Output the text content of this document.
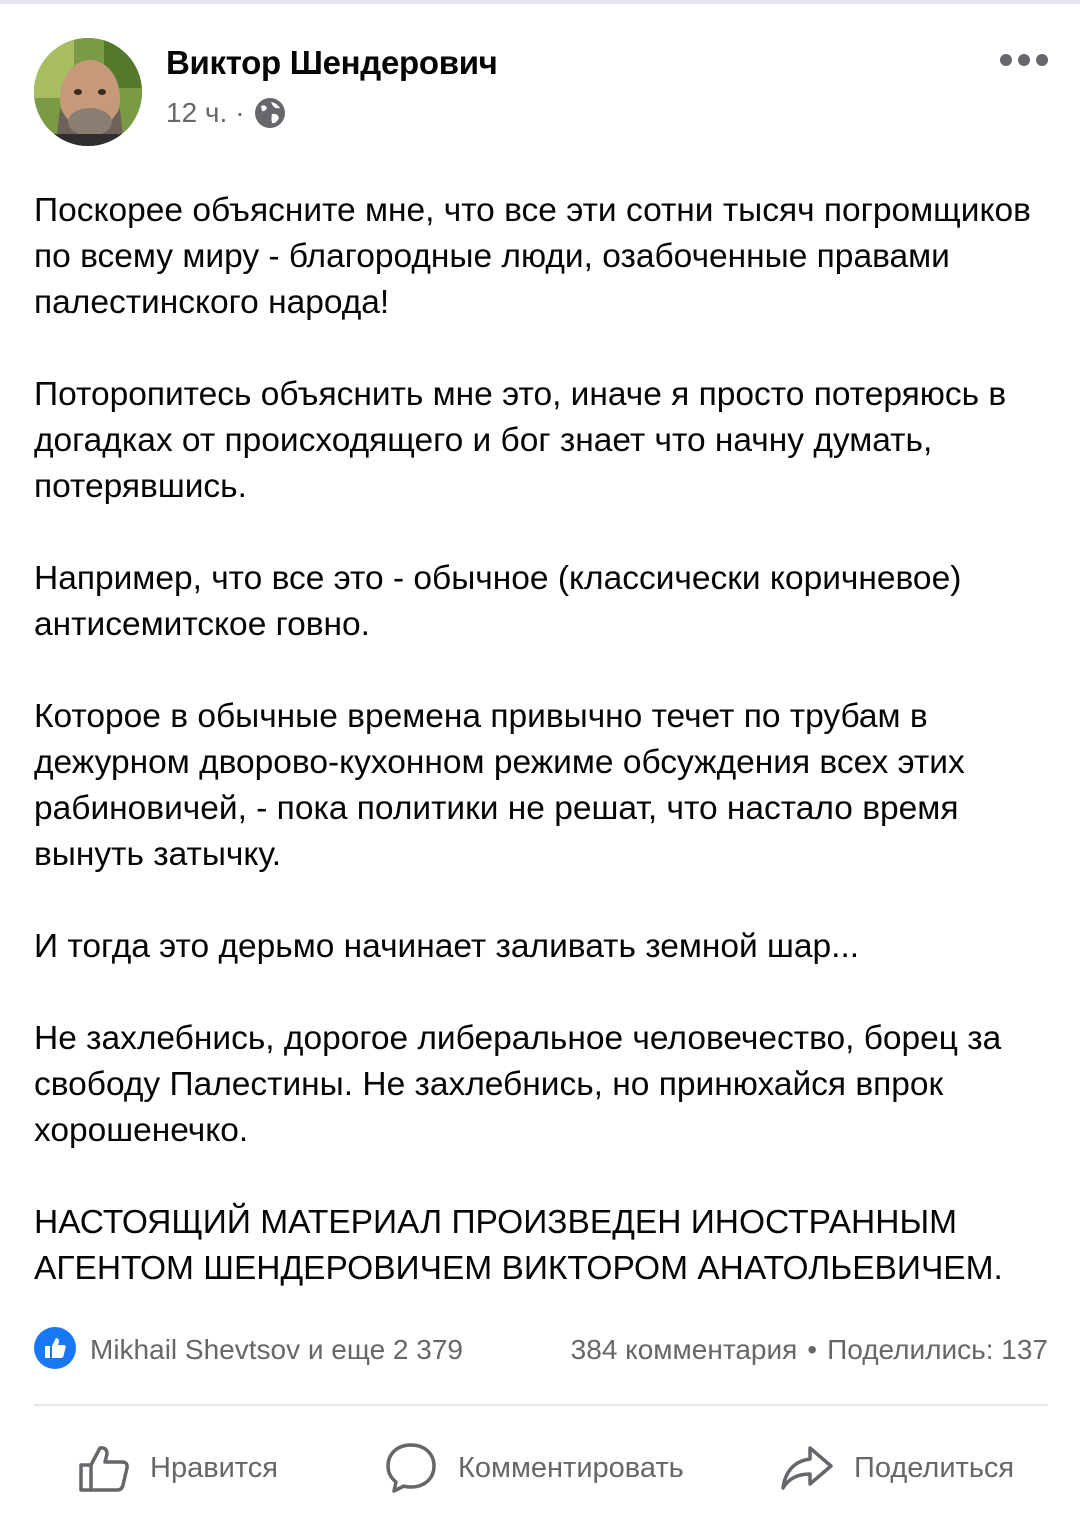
Виктор Шендерович
12 ч. ·

Поскорее объясните мне, что все эти сотни тысяч погромщиков по всему миру - благородные люди, озабоченные правами палестинского народа!

Поторопитесь объяснить мне это, иначе я просто потеряюсь в догадках от происходящего и бог знает что начну думать, потерявшись.

Например, что все это - обычное (классически коричневое) антисемитское говно.

Которое в обычные времена привычно течет по трубам в дежурном дворово-кухонном режиме обсуждения всех этих рабиновичей, - пока политики не решат, что настало время вынуть затычку.

И тогда это дерьмо начинает заливать земной шар...

Не захлебнись, дорогое либеральное человечество, борец за свободу Палестины. Не захлебнись, но принюхайся впрок хорошенечко.

НАСТОЯЩИЙ МАТЕРИАЛ ПРОИЗВЕДЕН ИНОСТРАННЫМ АГЕНТОМ ШЕНДЕРОВИЧЕМ ВИКТОРОМ АНАТОЛЬЕВИЧЕМ.

Mikhail Shevtsov и еще 2 379	384 комментария • Поделились: 137
Нравится	Комментировать	Поделиться
